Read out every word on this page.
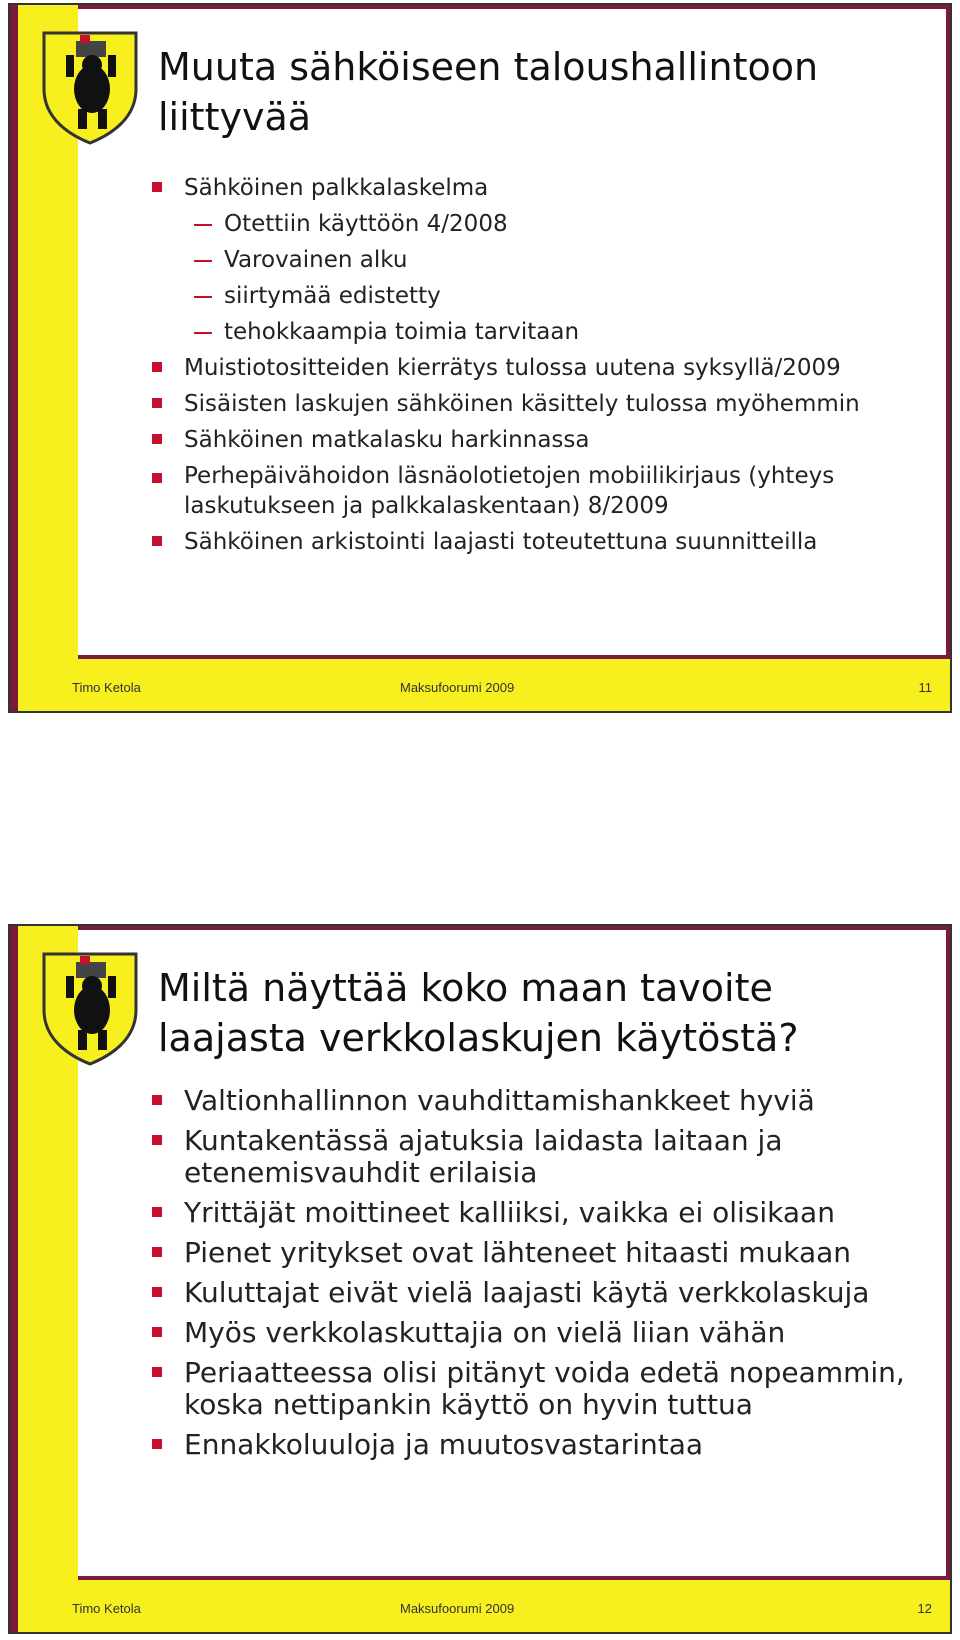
Muuta sähköiseen taloushallintoon liittyvää
Timo Ketola	Maksufoorumi 2009	11
Sähköinen palkkalaskelma
Otettiin käyttöön 4/2008
Varovainen alku
siirtymää edistetty
tehokkaampia toimia tarvitaan
Muistiotositteiden kierrätys tulossa uutena syksyllä/2009
Sisäisten laskujen sähköinen käsittely tulossa myöhemmin
Sähköinen matkalasku harkinnassa
Perhepäivähoidon läsnäolotietojen mobiilikirjaus (yhteys laskutukseen ja palkkalaskentaan) 8/2009
Sähköinen arkistointi laajasti toteutettuna suunnitteilla
Miltä näyttää koko maan tavoite laajasta verkkolaskujen käytöstä?
Timo Ketola	Maksufoorumi 2009	12
Valtionhallinnon vauhdittamishankkeet hyviä
Kuntakentässä ajatuksia laidasta laitaan ja etenemisvauhdit erilaisia
Yrittäjät moittineet kalliiksi, vaikka ei olisikaan
Pienet yritykset ovat lähteneet hitaasti mukaan
Kuluttajat eivät vielä laajasti käytä verkkolaskuja
Myös verkkolaskuttajia on vielä liian vähän
Periaatteessa olisi pitänyt voida edetä nopeammin, koska nettipankin käyttö on hyvin tuttua
Ennakkoluuloja ja muutosvastarintaa
